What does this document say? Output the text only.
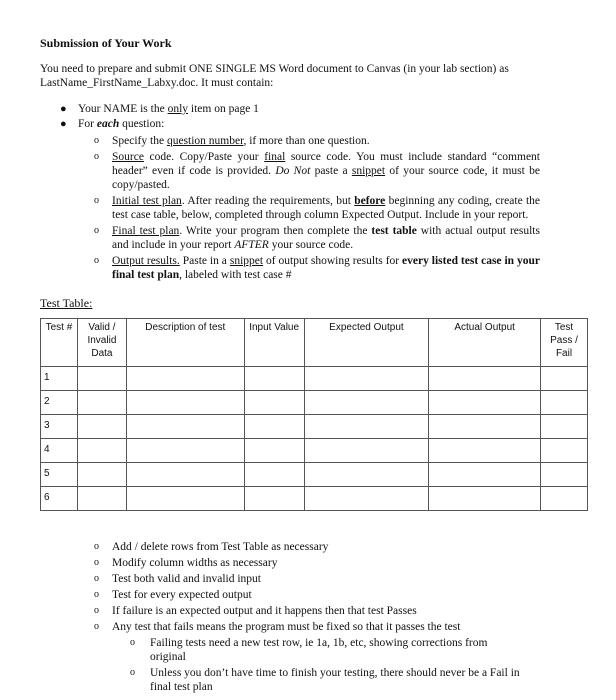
Submission of Your Work
You need to prepare and submit ONE SINGLE MS Word document to Canvas (in your lab section) as LastName_FirstName_Labxy.doc. It must contain:
● Your NAME is the only item on page 1
● For each question:
o Specify the question number, if more than one question.
o Source code. Copy/Paste your final source code. You must include standard “comment header” even if code is provided. Do Not paste a snippet of your source code, it must be copy/pasted.
o Initial test plan. After reading the requirements, but before beginning any coding, create the test case table, below, completed through column Expected Output. Include in your report.
o Final test plan. Write your program then complete the test table with actual output results and include in your report AFTER your source code.
o Output results. Paste in a snippet of output showing results for every listed test case in your final test plan, labeled with test case #
Test Table:
Test #	Valid / Invalid Data	Description of test	Input Value	Expected Output	Actual Output	Test Pass / Fail
1						
2						
3						
4						
5						
6						
o Add / delete rows from Test Table as necessary
o Modify column widths as necessary
o Test both valid and invalid input
o Test for every expected output
o If failure is an expected output and it happens then that test Passes
o Any test that fails means the program must be fixed so that it passes the test
o Failing tests need a new test row, ie 1a, 1b, etc, showing corrections from original
o Unless you don’t have time to finish your testing, there should never be a Fail in final test plan
